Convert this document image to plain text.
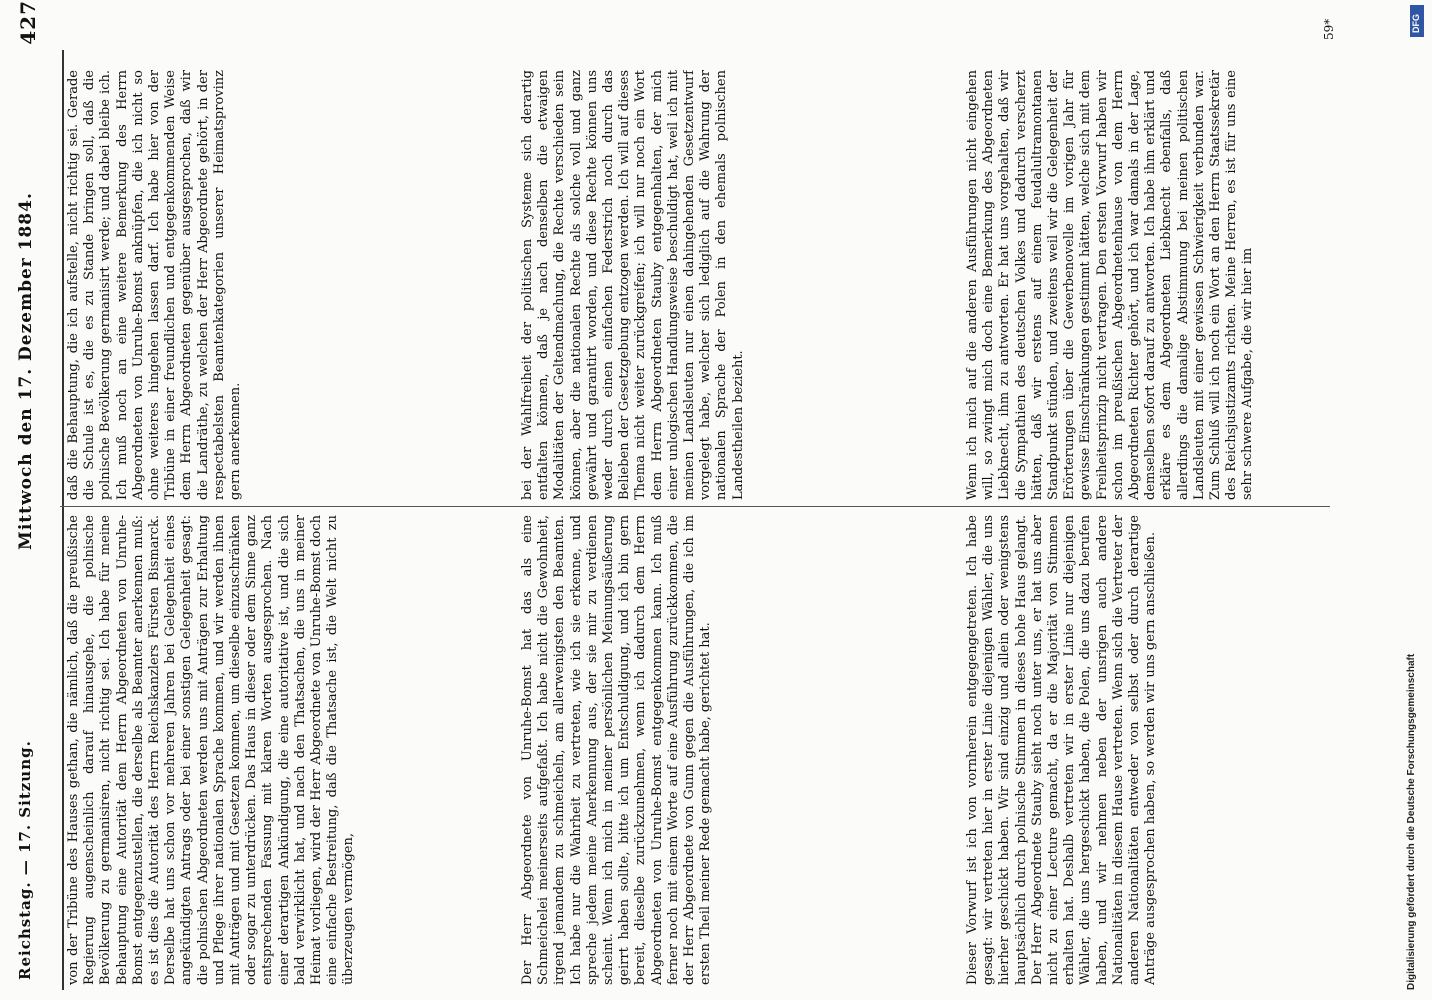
Reichstag. — 17. Sitzung.
Mittwoch den 17. Dezember 1884.
427
von der Tribüne des Hauses gethan, die nämlich, daß die preußische Regierung augenscheinlich darauf hinausgehe, die polnische Bevölkerung zu germanisiren, nicht richtig sei. Ich habe für meine Behauptung eine Autorität dem Herrn Abgeordneten von Unruhe-Bomst entgegenzustellen, die derselbe als Beamter anerkennen muß: es ist dies die Autorität des Herrn Reichskanzlers Fürsten Bismarck. Derselbe hat uns schon vor mehreren Jahren bei Gelegenheit eines angekündigten Antrags oder bei einer sonstigen Gelegenheit gesagt: die polnischen Abgeordneten werden uns mit Anträgen zur Erhaltung und Pflege ihrer nationalen Sprache kommen, und wir werden ihnen mit Anträgen und mit Gesetzen kommen, um dieselbe einzuschränken oder sogar zu unterdrücken. Das Haus in dieser oder dem Sinne ganz entsprechenden Fassung mit klaren Worten ausgesprochen. Nach einer derartigen Ankündigung, die eine autoritative ist, und die sich bald verwirklicht hat, und nach den Thatsachen, die uns in meiner Heimat vorliegen, wird der Herr Abgeordnete von Unruhe-Bomst doch eine einfache Bestreitung, daß die Thatsache ist, die Welt nicht zu überzeugen vermögen,
daß die Behauptung, die ich aufstelle, nicht richtig sei. Gerade die Schule ist es, die es zu Stande bringen soll, daß die polnische Bevölkerung germanisirt werde; und dabei bleibe ich. Ich muß noch an eine weitere Bemerkung des Herrn Abgeordneten von Unruhe-Bomst anknüpfen, die ich nicht so ohne weiteres hingehen lassen darf. Ich habe hier von der Tribüne in einer freundlichen und entgegenkommenden Weise dem Herrn Abgeordneten gegenüber ausgesprochen, daß wir die Landräthe, zu welchen der Herr Abgeordnete gehört, in der respectabelsten Beamtenkategorien unserer Heimatsprovinz gern anerkennen.
Der Herr Abgeordnete von Unruhe-Bomst hat das als eine Schmeichelei meinerseits aufgefaßt. Ich habe nicht die Gewohnheit, irgend jemandem zu schmeicheln, am allerwenigsten den Beamten. Ich habe nur die Wahrheit zu vertreten, wie ich sie erkenne, und spreche jedem meine Anerkennung aus, der sie mir zu verdienen scheint. Wenn ich mich in meiner persönlichen Meinungsäußerung geirrt haben sollte, bitte ich um Entschuldigung, und ich bin gern bereit, dieselbe zurückzunehmen, wenn ich dadurch dem Herrn Abgeordneten von Unruhe-Bomst entgegenkommen kann. Ich muß ferner noch mit einem Worte auf eine Ausführung zurückkommen, die der Herr Abgeordnete von Gunn gegen die Ausführungen, die ich im ersten Theil meiner Rede gemacht habe, gerichtet hat.
bei der Wahlfreiheit der politischen Systeme sich derartig entfalten können, daß je nach denselben die etwaigen Modalitäten der Geltendmachung, die Rechte verschieden sein können, aber die nationalen Rechte als solche voll und ganz gewährt und garantirt worden, und diese Rechte können uns weder durch einen einfachen Federstrich noch durch das Belieben der Gesetzgebung entzogen werden. Ich will auf dieses Thema nicht weiter zurückgreifen; ich will nur noch ein Wort dem Herrn Abgeordneten Stauby entgegenhalten, der mich einer unlogischen Handlungsweise beschuldigt hat, weil ich mit meinen Landsleuten nur einen dahingehenden Gesetzentwurf vorgelegt habe, welcher sich lediglich auf die Wahrung der nationalen Sprache der Polen in den ehemals polnischen Landestheilen bezieht.
Dieser Vorwurf ist ich von vornherein entgegengetreten. Ich habe gesagt: wir vertreten hier in erster Linie diejenigen Wähler, die uns hierher geschickt haben. Wir sind einzig und allein oder wenigstens hauptsächlich durch polnische Stimmen in dieses hohe Haus gelangt. Der Herr Abgeordnete Stauby sieht noch unter uns, er hat uns aber nicht zu einer Lecture gemacht, da er die Majorität von Stimmen erhalten hat. Deshalb vertreten wir in erster Linie nur diejenigen Wähler, die uns hergeschickt haben, die Polen, die uns dazu berufen haben, und wir nehmen neben der unsrigen auch andere Nationalitäten in diesem Hause vertreten. Wenn sich die Vertreter der anderen Nationalitäten entweder von selbst oder durch derartige Anträge ausgesprochen haben, so werden wir uns gern anschließen.
Wenn ich mich auf die anderen Ausführungen nicht eingehen will, so zwingt mich doch eine Bemerkung des Abgeordneten Liebknecht, ihm zu antworten. Er hat uns vorgehalten, daß wir die Sympathien des deutschen Volkes und dadurch verscherzt hätten, daß wir erstens auf einem feudalultramontanen Standpunkt stünden, und zweitens weil wir die Gelegenheit der Erörterungen über die Gewerbenovelle im vorigen Jahr für gewisse Einschränkungen gestimmt hätten, welche sich mit dem Freiheitsprinzip nicht vertragen. Den ersten Vorwurf haben wir schon im preußischen Abgeordnetenhause von dem Herrn Abgeordneten Richter gehört, und ich war damals in der Lage, demselben sofort darauf zu antworten. Ich habe ihm erklärt und erkläre es dem Abgeordneten Liebknecht ebenfalls, daß allerdings die damalige Abstimmung bei meinen politischen Landsleuten mit einer gewissen Schwierigkeit verbunden war. Zum Schluß will ich noch ein Wort an den Herrn Staatssekretär des Reichsjustizamts richten. Meine Herren, es ist für uns eine sehr schwere Aufgabe, die wir hier im
59*
Digitalisierung gefördert durch die Deutsche Forschungsgemeinschaft
DFG
